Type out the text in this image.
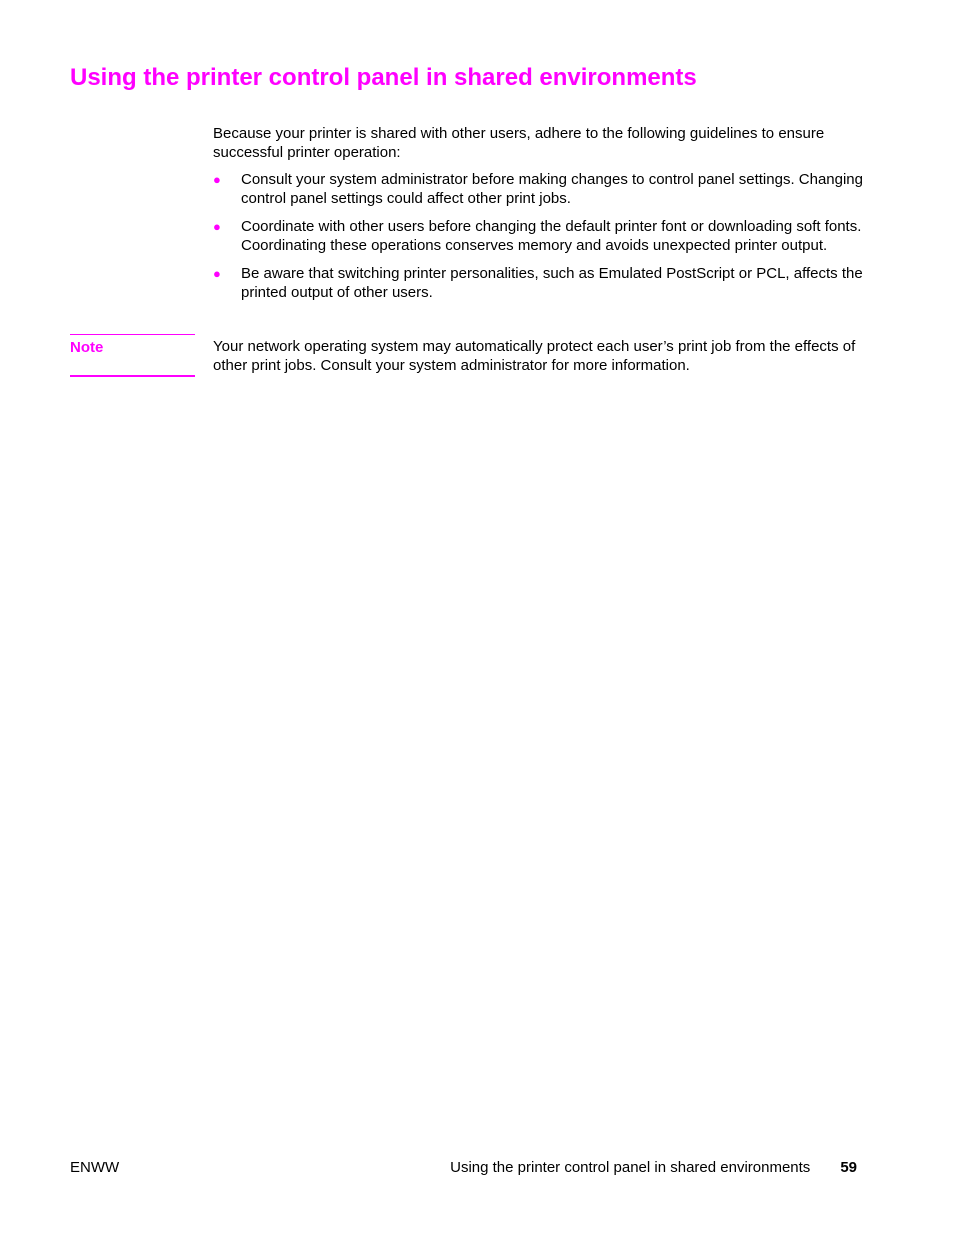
Using the printer control panel in shared environments

Because your printer is shared with other users, adhere to the following guidelines to ensure successful printer operation:

● Consult your system administrator before making changes to control panel settings. Changing control panel settings could affect other print jobs.
● Coordinate with other users before changing the default printer font or downloading soft fonts. Coordinating these operations conserves memory and avoids unexpected printer output.
● Be aware that switching printer personalities, such as Emulated PostScript or PCL, affects the printed output of other users.
Note	Your network operating system may automatically protect each user’s print job from the effects of other print jobs. Consult your system administrator for more information.

ENWW	Using the printer control panel in shared environments 59
